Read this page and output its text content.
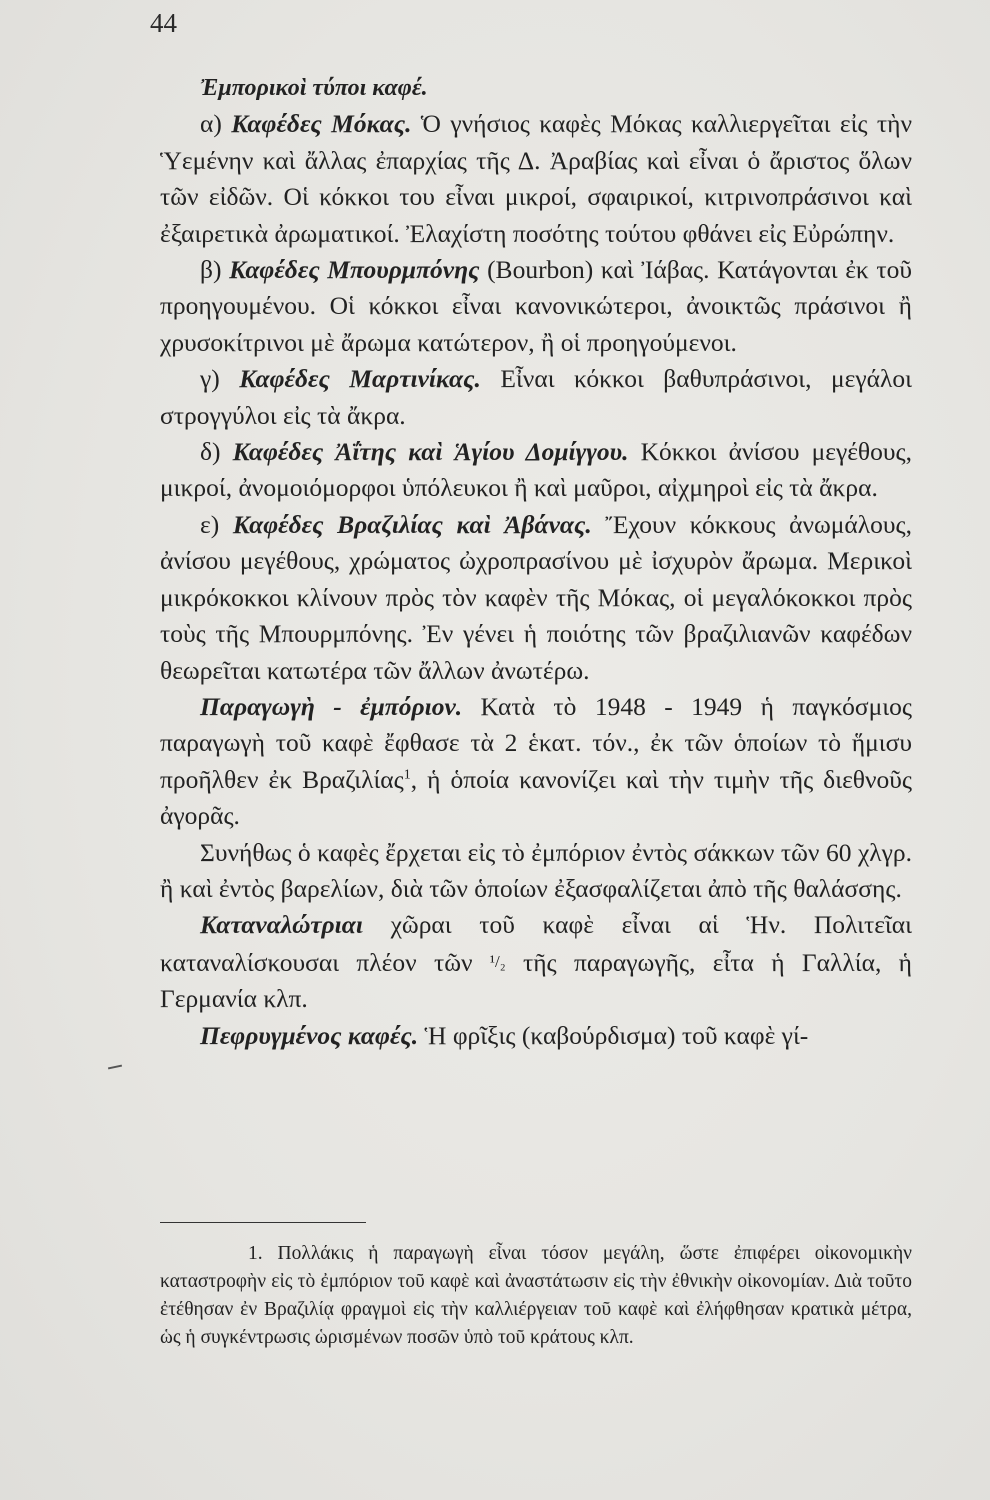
44

Ἐμπορικοὶ τύποι καφέ.

α) Καφέδες Μόκας. Ὁ γνήσιος καφὲς Μόκας καλλιεργεῖται εἰς τὴν Ὑεμένην καὶ ἄλλας ἐπαρχίας τῆς Δ. Ἀραβίας καὶ εἶναι ὁ ἄριστος ὅλων τῶν εἰδῶν. Οἱ κόκκοι του εἶναι μικροί, σφαιρικοί, κιτρινοπράσινοι καὶ ἐξαιρετικὰ ἀρωματικοί. Ἐλαχίστη ποσότης τούτου φθάνει εἰς Εὐρώπην.

β) Καφέδες Μπουρμπόνης (Bourbon) καὶ Ἰάβας. Κατάγονται ἐκ τοῦ προηγουμένου. Οἱ κόκκοι εἶναι κανονικώτεροι, ἀνοικτῶς πράσινοι ἢ χρυσοκίτρινοι μὲ ἄρωμα κατώτερον, ἢ οἱ προηγούμενοι.

γ) Καφέδες Μαρτινίκας. Εἶναι κόκκοι βαθυπράσινοι, μεγάλοι στρογγύλοι εἰς τὰ ἄκρα.

δ) Καφέδες Ἀΐτης καὶ Ἁγίου Δομίγγου. Κόκκοι ἀνίσου μεγέθους, μικροί, ἀνομοιόμορφοι ὑπόλευκοι ἢ καὶ μαῦροι, αἰχμηροὶ εἰς τὰ ἄκρα.

ε) Καφέδες Βραζιλίας καὶ Ἀβάνας. Ἔχουν κόκκους ἀνωμάλους, ἀνίσου μεγέθους, χρώματος ὠχροπρασίνου μὲ ἰσχυρὸν ἄρωμα. Μερικοὶ μικρόκοκκοι κλίνουν πρὸς τὸν καφὲν τῆς Μόκας, οἱ μεγαλόκοκκοι πρὸς τοὺς τῆς Μπουρμπόνης. Ἐν γένει ἡ ποιότης τῶν βραζιλιανῶν καφέδων θεωρεῖται κατωτέρα τῶν ἄλλων ἀνωτέρω.

Παραγωγὴ - ἐμπόριον. Κατὰ τὸ 1948 - 1949 ἡ παγκόσμιος παραγωγὴ τοῦ καφὲ ἔφθασε τὰ 2 ἑκατ. τόν., ἐκ τῶν ὁποίων τὸ ἥμισυ προῆλθεν ἐκ Βραζιλίας$^1$, ἡ ὁποία κανονίζει καὶ τὴν τιμὴν τῆς διεθνοῦς ἀγορᾶς.

Συνήθως ὁ καφὲς ἔρχεται εἰς τὸ ἐμπόριον ἐντὸς σάκκων τῶν 60 χλγρ. ἢ καὶ ἐντὸς βαρελίων, διὰ τῶν ὁποίων ἐξασφαλίζεται ἀπὸ τῆς θαλάσσης.

Καταναλώτριαι χῶραι τοῦ καφὲ εἶναι αἱ Ἡν. Πολιτεῖαι καταναλίσκουσαι πλέον τῶν ¹/₂ τῆς παραγωγῆς, εἶτα ἡ Γαλλία, ἡ Γερμανία κλπ.

Πεφρυγμένος καφές. Ἡ φρῖξις (καβούρδισμα) τοῦ καφὲ γί-

1. Πολλάκις ἡ παραγωγὴ εἶναι τόσον μεγάλη, ὥστε ἐπιφέρει οἰκονομικὴν καταστροφὴν εἰς τὸ ἐμπόριον τοῦ καφὲ καὶ ἀναστάτωσιν εἰς τὴν ἐθνικὴν οἰκονομίαν. Διὰ τοῦτο ἐτέθησαν ἐν Βραζιλίᾳ φραγμοὶ εἰς τὴν καλλιέργειαν τοῦ καφὲ καὶ ἐλήφθησαν κρατικὰ μέτρα, ὡς ἡ συγκέντρωσις ὡρισμένων ποσῶν ὑπὸ τοῦ κράτους κλπ.
